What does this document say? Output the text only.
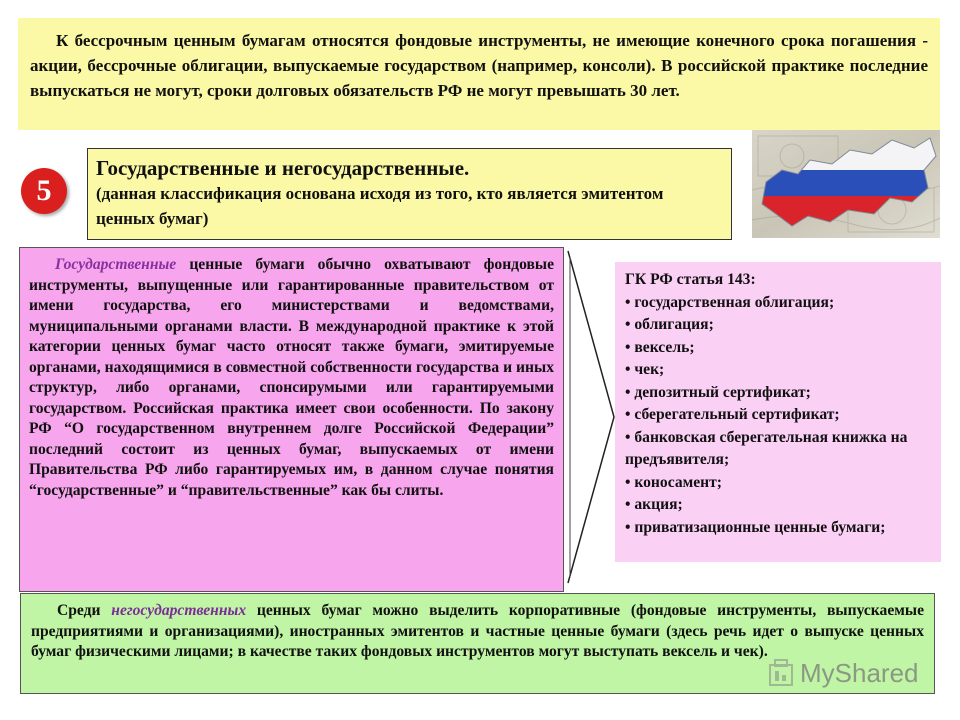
К бессрочным ценным бумагам относятся фондовые инструменты, не имеющие конечного срока погашения - акции, бессрочные облигации, выпускаемые государством (например, консоли). В российской практике последние выпускаться не могут, сроки долговых обязательств РФ не могут превышать 30 лет.
5
Государственные и негосударственные.
(данная классификация основана исходя из того, кто является эмитентом ценных бумаг)
Государственные ценные бумаги обычно охватывают фондовые инструменты, выпущенные или гарантированные правительством от имени государства, его министерствами и ведомствами, муниципальными органами власти. В международной практике к этой категории ценных бумаг часто относят также бумаги, эмитируемые органами, находящимися в совместной собственности государства и иных структур, либо органами, спонсирумыми или гарантируемыми государством. Российская практика имеет свои особенности. По закону РФ “О государственном внутреннем долге Российской Федерации” последний состоит из ценных бумаг, выпускаемых от имени Правительства РФ либо гарантируемых им, в данном случае понятия “государственные” и “правительственные” как бы слиты.
ГК РФ статья 143:
• государственная облигация;
• облигация;
• вексель;
• чек;
• депозитный сертификат;
• сберегательный сертификат;
• банковская сберегательная книжка на предъявителя;
• коносамент;
• акция;
• приватизационные ценные бумаги;
Среди негосударственных ценных бумаг можно выделить корпоративные (фондовые инструменты, выпускаемые предприятиями и организациями), иностранных эмитентов и частные ценные бумаги (здесь речь идет о выпуске ценных бумаг физическими лицами; в качестве таких фондовых инструментов могут выступать вексель и чек).
MyShared
